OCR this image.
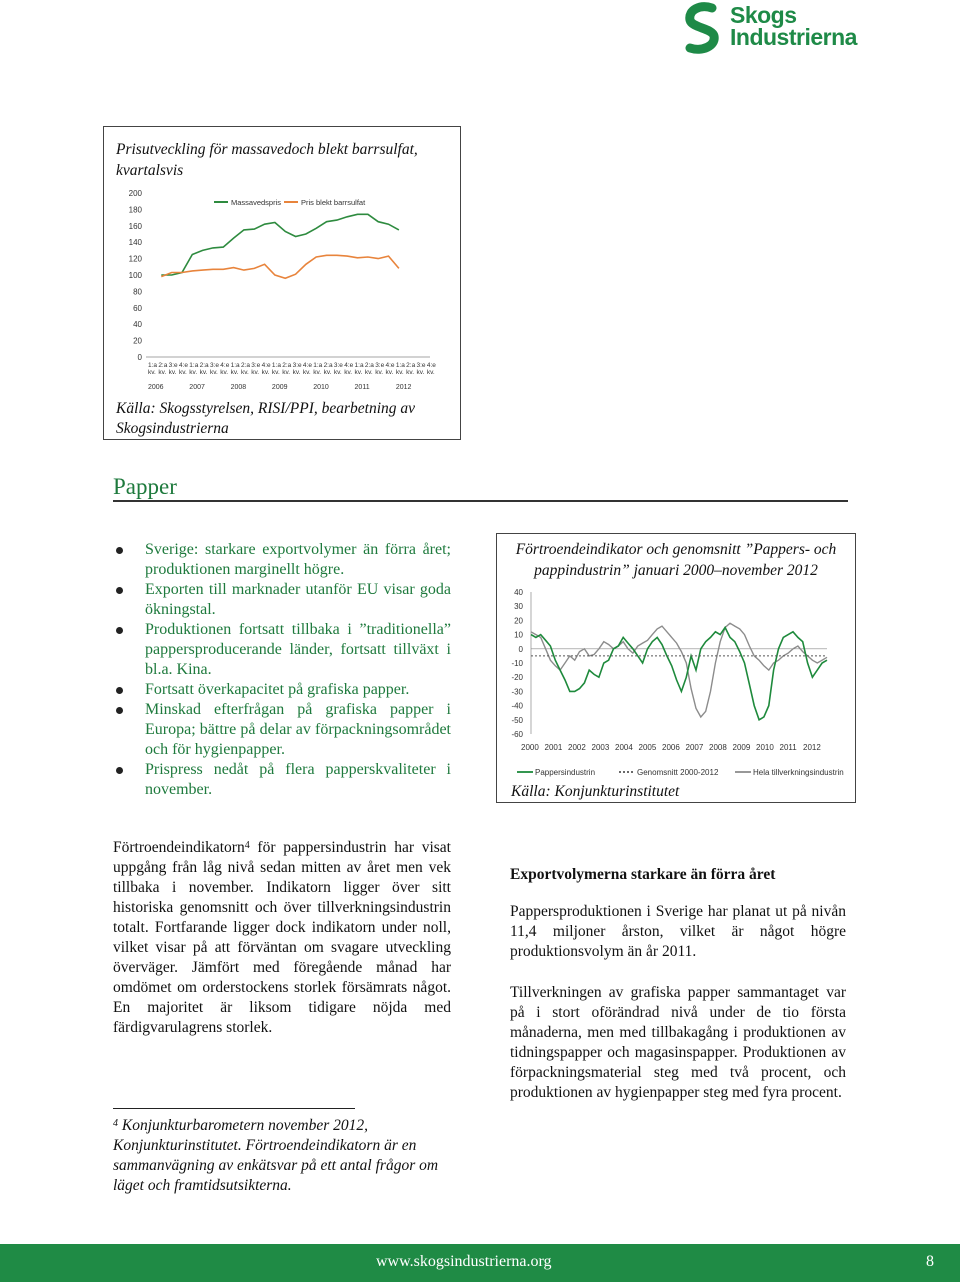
Skogs
Industrierna
Prisutveckling för massavedoch blekt barrsulfat, kvartalsvis
200
180
160
140
120
100
80
60
40
20
0
1:a
kv.
2:a
kv.
3:e
kv.
4:e
kv.
1:a
kv.
2:a
kv.
3:e
kv.
4:e
kv.
1:a
kv.
2:a
kv.
3:e
kv.
4:e
kv.
1:a
kv.
2:a
kv.
3:e
kv.
4:e
kv.
1:a
kv.
2:a
kv.
3:e
kv.
4:e
kv.
1:a
kv.
2:a
kv.
3:e
kv.
4:e
kv.
1:a
kv.
2:a
kv.
3:e
kv.
4:e
kv.
2006	2007	2008	2009	2010	2011	2012
Massavedspris	Pris blekt barrsulfat
Källa: Skogsstyrelsen, RISI/PPI, bearbetning av Skogsindustrierna
Papper
Sverige: starkare exportvolymer än förra året; produktionen marginellt högre.
Exporten till marknader utanför EU visar goda ökningstal.
Produktionen fortsatt tillbaka i ”traditionella” pappersproducerande länder, fortsatt tillväxt i bl.a. Kina.
Fortsatt överkapacitet på grafiska papper.
Minskad efterfrågan på grafiska papper i Europa; bättre på delar av förpackningsområdet och för hygienpapper.
Prispress nedåt på flera papperskvaliteter i november.
Förtroendeindikator och genomsnitt ”Pappers- och pappindustrin” januari 2000–november 2012
40
30
20
10
0
-10
-20
-30
-40
-50
-60
2000 2001 2002 2003 2004 2005 2006 2007 2008 2009 2010 2011 2012
Pappersindustrin	Genomsnitt 2000-2012	Hela tillverkningsindustrin
Källa: Konjunkturinstitutet
Förtroendeindikatorn$^4$ för pappersindustrin har visat uppgång från låg nivå sedan mitten av året men vek tillbaka i november. Indikatorn ligger över sitt historiska genomsnitt och över tillverkningsindustrin totalt. Fortfarande ligger dock indikatorn under noll, vilket visar på att förväntan om svagare utveckling överväger. Jämfört med föregående månad har omdömet om orderstockens storlek försämrats något. En majoritet är liksom tidigare nöjda med färdigvarulagrens storlek.
$^4$ Konjunkturbarometern november 2012, Konjunkturinstitutet. Förtroendeindikatorn är en sammanvägning av enkätsvar på ett antal frågor om läget och framtidsutsikterna.
Exportvolymerna starkare än förra året
Pappersproduktionen i Sverige har planat ut på nivån 11,4 miljoner årston, vilket är något högre produktionsvolym än år 2011.
Tillverkningen av grafiska papper sammantaget var på i stort oförändrad nivå under de tio första månaderna, men med tillbakagång i produktionen av tidningspapper och magasinspapper. Produktionen av förpackningsmaterial steg med två procent, och produktionen av hygienpapper steg med fyra procent.
www.skogsindustrierna.org	8
